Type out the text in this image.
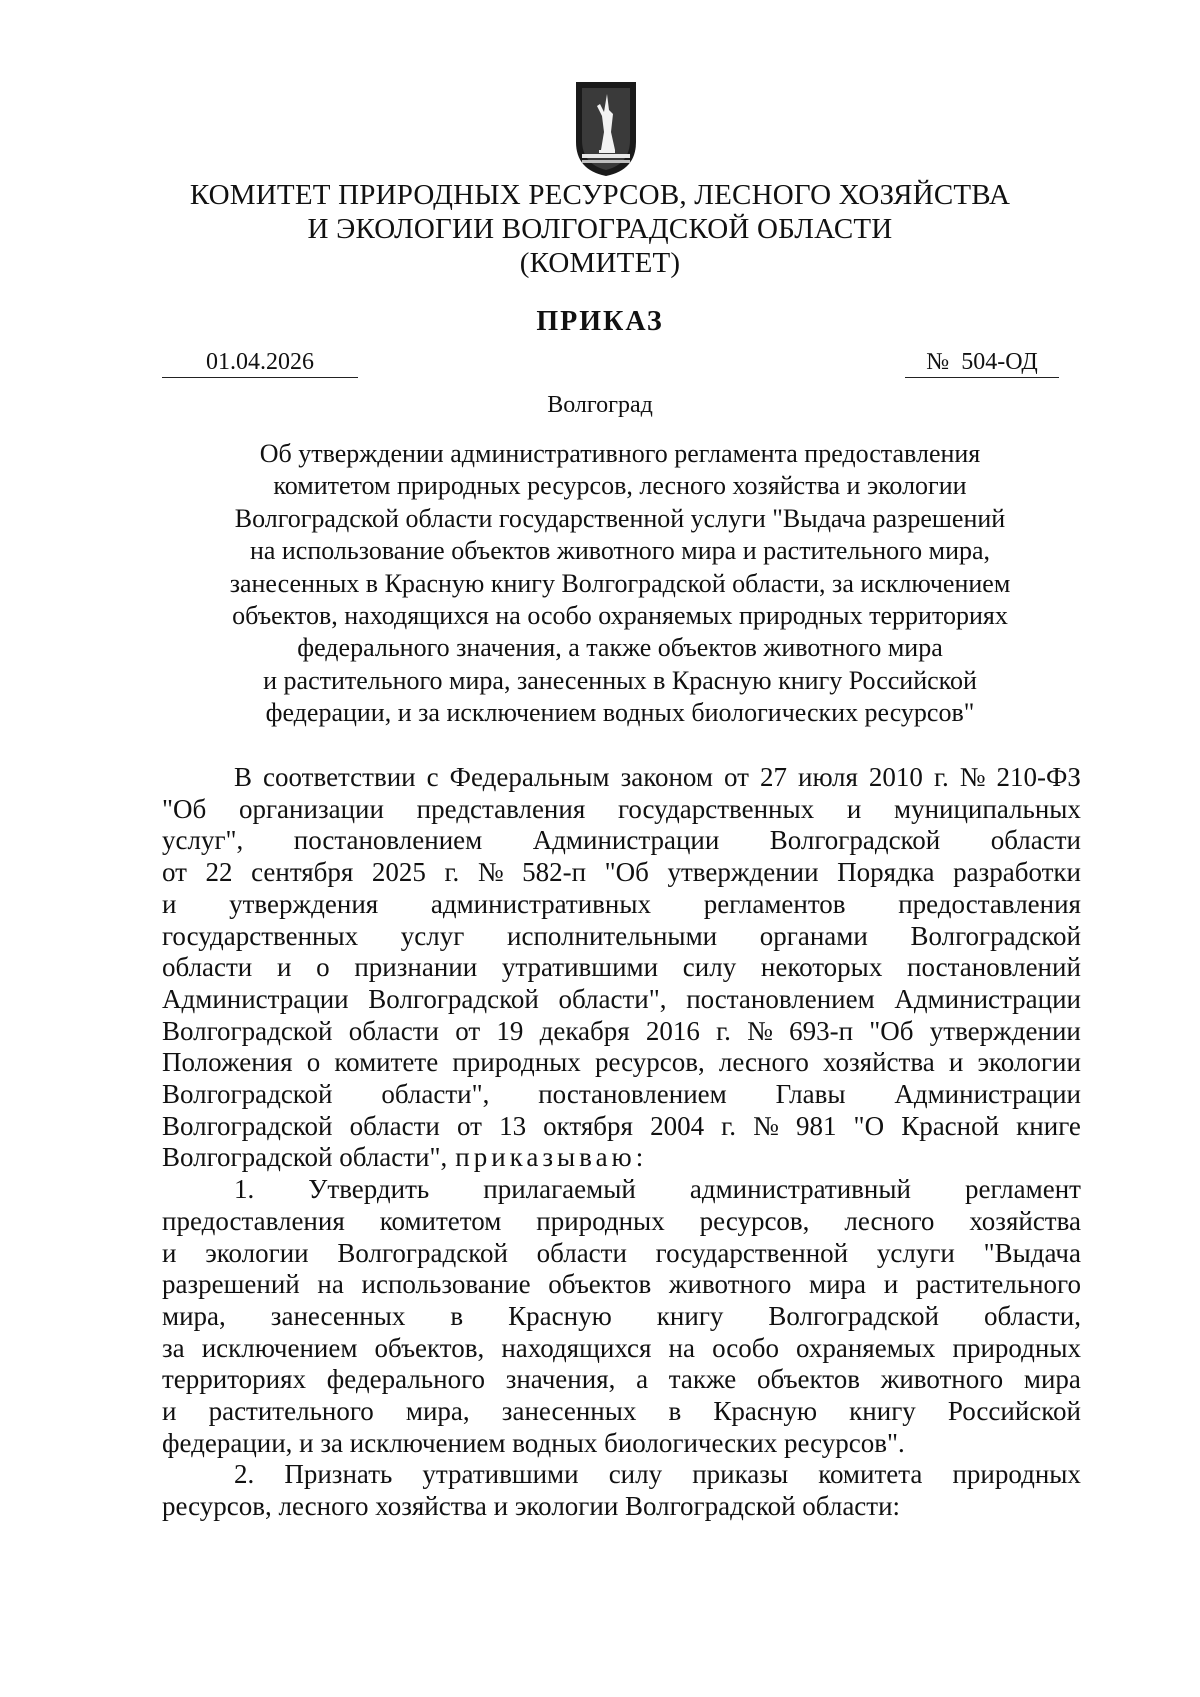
КОМИТЕТ ПРИРОДНЫХ РЕСУРСОВ, ЛЕСНОГО ХОЗЯЙСТВА
И ЭКОЛОГИИ ВОЛГОГРАДСКОЙ ОБЛАСТИ
(КОМИТЕТ)
ПРИКАЗ
01.04.2026	№ 504-ОД
Волгоград
Об утверждении административного регламента предоставления
комитетом природных ресурсов, лесного хозяйства и экологии
Волгоградской области государственной услуги "Выдача разрешений
на использование объектов животного мира и растительного мира,
занесенных в Красную книгу Волгоградской области, за исключением
объектов, находящихся на особо охраняемых природных территориях
федерального значения, а также объектов животного мира
и растительного мира, занесенных в Красную книгу Российской
федерации, и за исключением водных биологических ресурсов"
В соответствии с Федеральным законом от 27 июля 2010 г. № 210-ФЗ
"Об организации представления государственных и муниципальных
услуг", постановлением Администрации Волгоградской области
от 22 сентября 2025 г. № 582-п "Об утверждении Порядка разработки
и утверждения административных регламентов предоставления
государственных услуг исполнительными органами Волгоградской
области и о признании утратившими силу некоторых постановлений
Администрации Волгоградской области", постановлением Администрации
Волгоградской области от 19 декабря 2016 г. № 693-п "Об утверждении
Положения о комитете природных ресурсов, лесного хозяйства и экологии
Волгоградской области", постановлением Главы Администрации
Волгоградской области от 13 октября 2004 г. № 981 "О Красной книге
Волгоградской области", приказываю:
1. Утвердить прилагаемый административный регламент
предоставления комитетом природных ресурсов, лесного хозяйства
и экологии Волгоградской области государственной услуги "Выдача
разрешений на использование объектов животного мира и растительного
мира, занесенных в Красную книгу Волгоградской области,
за исключением объектов, находящихся на особо охраняемых природных
территориях федерального значения, а также объектов животного мира
и растительного мира, занесенных в Красную книгу Российской
федерации, и за исключением водных биологических ресурсов".
2. Признать утратившими силу приказы комитета природных
ресурсов, лесного хозяйства и экологии Волгоградской области:
